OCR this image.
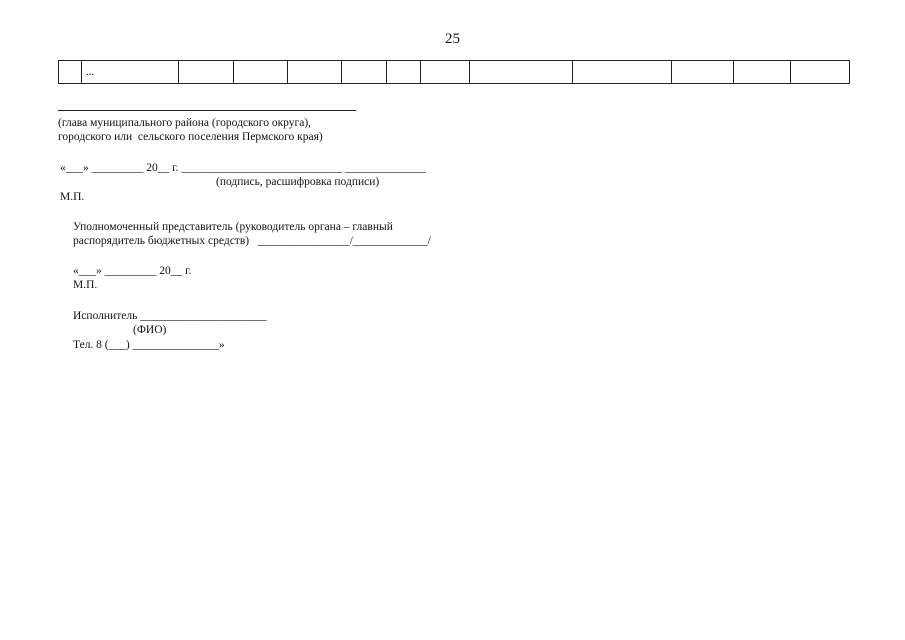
25
	...											
(глава муниципального района (городского округа),
городского или  сельского поселения Пермского края)
«___» _________ 20__ г. ____________________________ ______________
(подпись, расшифровка подписи)
М.П.
Уполномоченный представитель (руководитель органа – главный
распорядитель бюджетных средств)   ________________/_____________/
«___» _________ 20__ г.
М.П.
Исполнитель ______________________
(ФИО)
Тел. 8 (___) _______________»
